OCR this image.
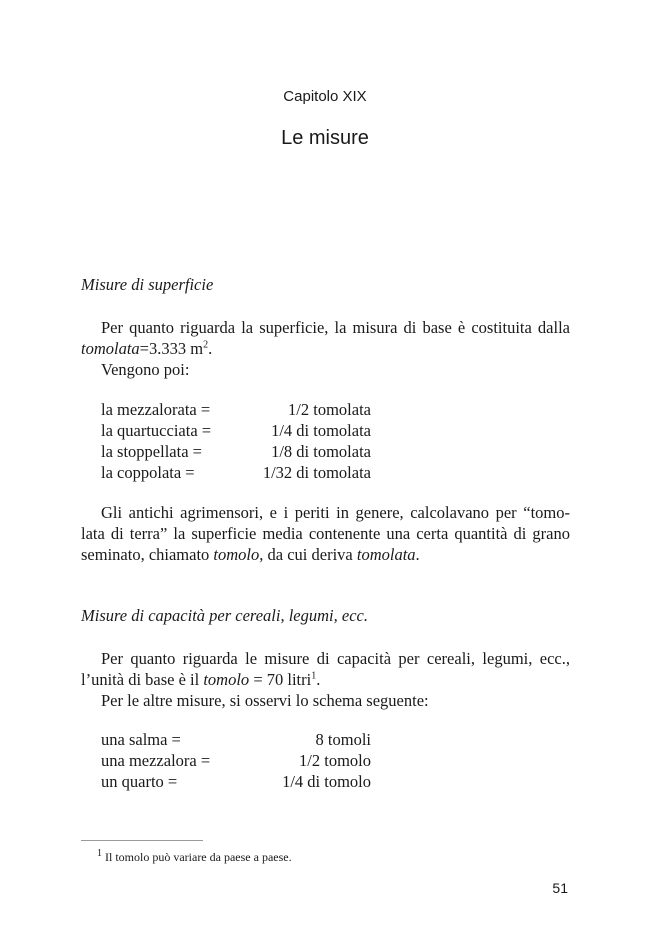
Capitolo XIX
Le misure
Misure di superficie
Per quanto riguarda la superficie, la misura di base è costituita dalla
tomolata=3.333 $m^2$.
Vengono poi:
la mezzalorata =	1/2 tomolata
la quartucciata =	1/4 di tomolata
la stoppellata =	1/8 di tomolata
la coppolata =	1/32 di tomolata
Gli antichi agrimensori, e i periti in genere, calcolavano per “tomo-
lata di terra” la superficie media contenente una certa quantità di grano
seminato, chiamato tomolo, da cui deriva tomolata.
Misure di capacità per cereali, legumi, ecc.
Per quanto riguarda le misure di capacità per cereali, legumi, ecc.,
l’unità di base è il tomolo = 70 litri$^1$.
Per le altre misure, si osservi lo schema seguente:
una salma =	8 tomoli
una mezzalora =	1/2 tomolo
un quarto =	1/4 di tomolo
$^1$ Il tomolo può variare da paese a paese.
51
